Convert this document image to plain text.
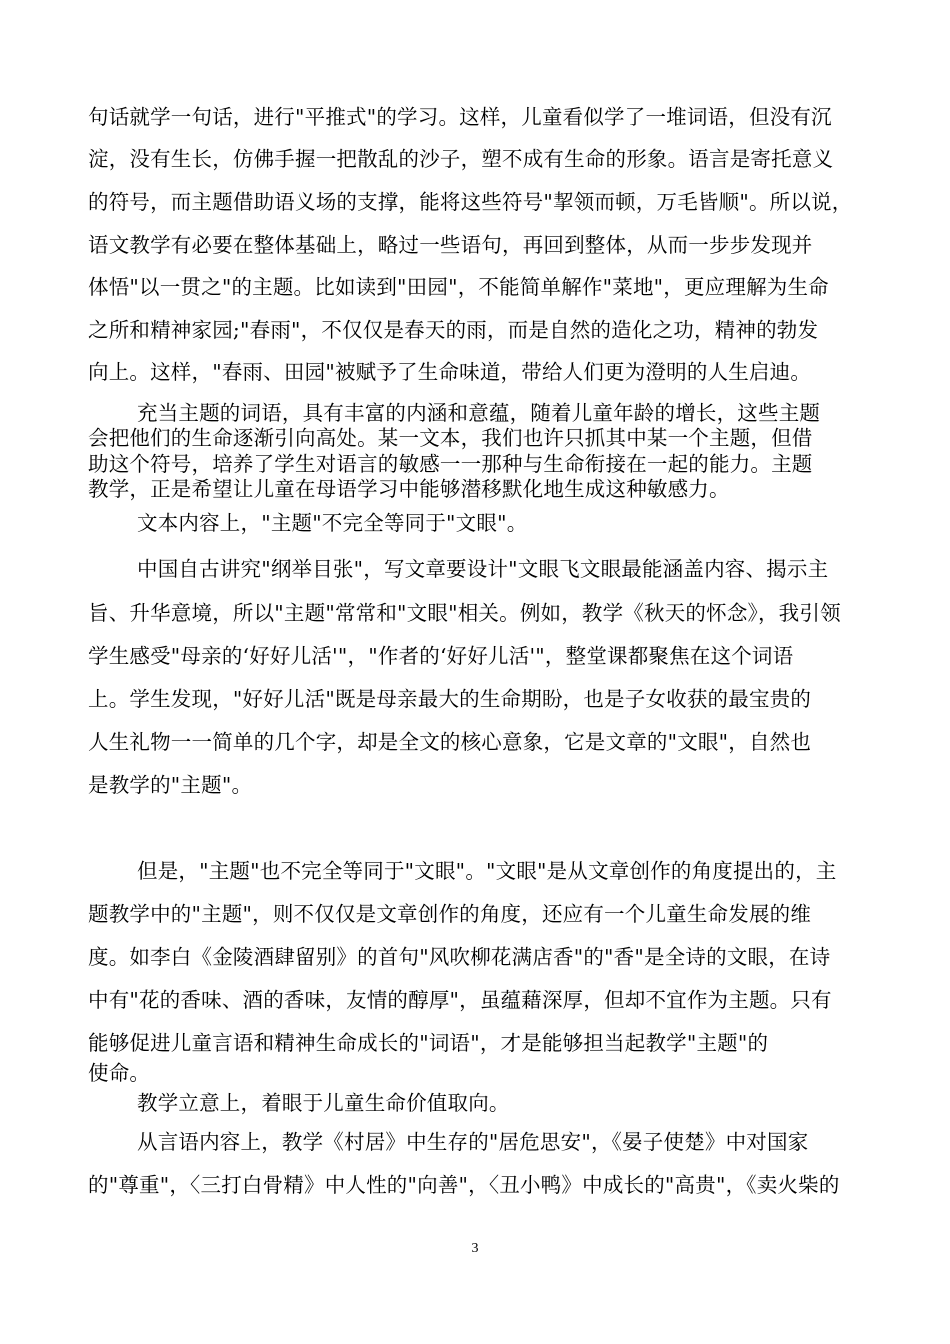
句话就学一句话，进行"平推式"的学习。这样，儿童看似学了一堆词语，但没有沉
淀，没有生长，仿佛手握一把散乱的沙子，塑不成有生命的形象。语言是寄托意义
的符号，而主题借助语义场的支撑，能将这些符号"挈领而顿，万毛皆顺"。所以说，
语文教学有必要在整体基础上，略过一些语句，再回到整体，从而一步步发现并
体悟"以一贯之"的主题。比如读到"田园"，不能简单解作"菜地"，更应理解为生命
之所和精神家园;"春雨"，不仅仅是春天的雨，而是自然的造化之功，精神的勃发
向上。这样，"春雨、田园"被赋予了生命味道，带给人们更为澄明的人生启迪。
充当主题的词语，具有丰富的内涵和意蕴，随着儿童年龄的增长，这些主题
会把他们的生命逐渐引向高处。某一文本，我们也许只抓其中某一个主题，但借
助这个符号，培养了学生对语言的敏感一一那种与生命衔接在一起的能力。主题
教学，正是希望让儿童在母语学习中能够潜移默化地生成这种敏感力。
文本内容上，"主题"不完全等同于"文眼"。
中国自古讲究"纲举目张"，写文章要设计"文眼飞文眼最能涵盖内容、揭示主
旨、升华意境，所以"主题"常常和"文眼"相关。例如，教学《秋天的怀念》，我引领
学生感受"母亲的‘好好儿活'"，"作者的‘好好儿活'"，整堂课都聚焦在这个词语
上。学生发现，"好好儿活"既是母亲最大的生命期盼，也是子女收获的最宝贵的
人生礼物一一简单的几个字，却是全文的核心意象，它是文章的"文眼"，自然也
是教学的"主题"。
但是，"主题"也不完全等同于"文眼"。"文眼"是从文章创作的角度提出的，主
题教学中的"主题"，则不仅仅是文章创作的角度，还应有一个儿童生命发展的维
度。如李白《金陵酒肆留别》的首句"风吹柳花满店香"的"香"是全诗的文眼，在诗
中有"花的香味、酒的香味，友情的醇厚"，虽蕴藉深厚，但却不宜作为主题。只有
能够促进儿童言语和精神生命成长的"词语"，才是能够担当起教学"主题"的
使命。
教学立意上，着眼于儿童生命价值取向。
从言语内容上，教学《村居》中生存的"居危思安"，《晏子使楚》中对国家
的"尊重"，〈三打白骨精》中人性的"向善"，〈丑小鸭》中成长的"高贵"，《卖火柴的
3
